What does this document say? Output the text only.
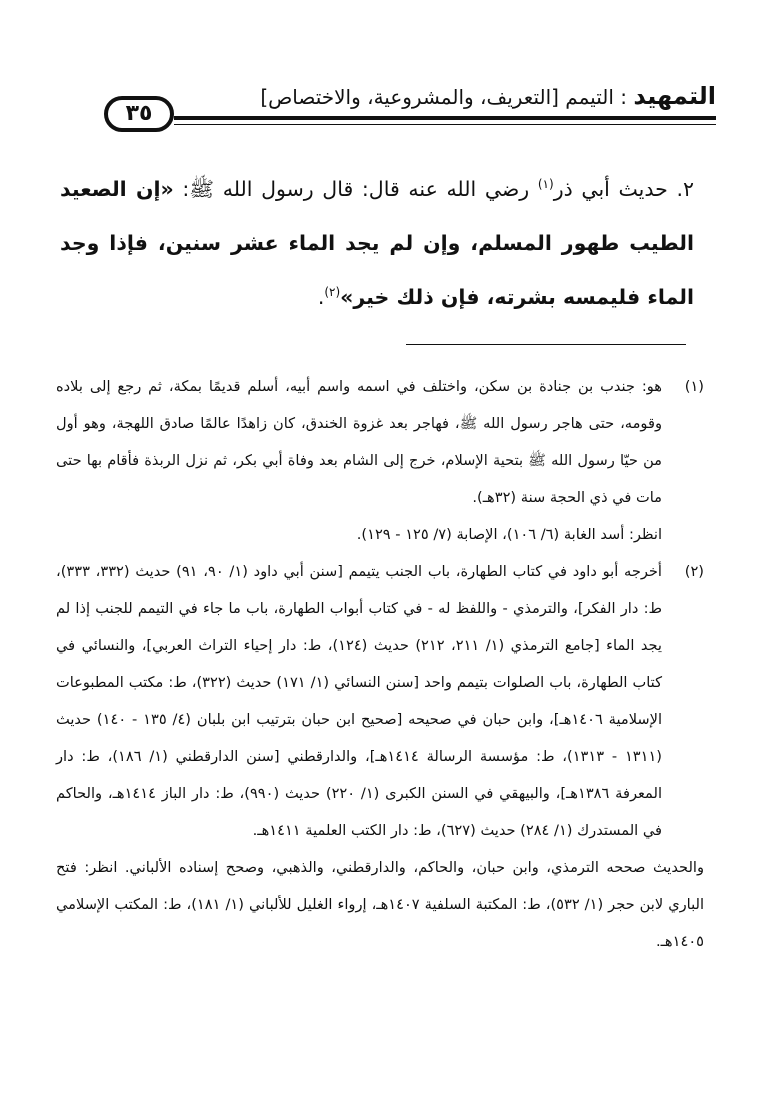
التمهيد : التيمم [التعريف، والمشروعية، والاختصاص]
٣٥
٢. حديث أبي ذر$^{(١)}$ رضي الله عنه قال: قال رسول الله ﷺ: «إن الصعيد الطيب طهور المسلم، وإن لم يجد الماء عشر سنين، فإذا وجد الماء فليمسه بشرته، فإن ذلك خير»$^{(٢)}$.
(١)

هو: جندب بن جنادة بن سكن، واختلف في اسمه واسم أبيه، أسلم قديمًا بمكة، ثم رجع إلى بلاده وقومه، حتى هاجر رسول الله ﷺ، فهاجر بعد غزوة الخندق، كان زاهدًا عالمًا صادق اللهجة، وهو أول من حيّا رسول الله ﷺ بتحية الإسلام، خرج إلى الشام بعد وفاة أبي بكر، ثم نزل الربذة فأقام بها حتى مات في ذي الحجة سنة (٣٢هـ).

انظر: أسد الغابة (٦/ ١٠٦)، الإصابة (٧/ ١٢٥ - ١٢٩).

(٢)

أخرجه أبو داود في كتاب الطهارة، باب الجنب يتيمم [سنن أبي داود (١/ ٩٠، ٩١) حديث (٣٣٢، ٣٣٣)، ط: دار الفكر]، والترمذي - واللفظ له - في كتاب أبواب الطهارة، باب ما جاء في التيمم للجنب إذا لم يجد الماء [جامع الترمذي (١/ ٢١١، ٢١٢) حديث (١٢٤)، ط: دار إحياء التراث العربي]، والنسائي في كتاب الطهارة، باب الصلوات بتيمم واحد [سنن النسائي (١/ ١٧١) حديث (٣٢٢)، ط: مكتب المطبوعات الإسلامية ١٤٠٦هـ]، وابن حبان في صحيحه [صحيح ابن حبان بترتيب ابن بلبان (٤/ ١٣٥ - ١٤٠) حديث (١٣١١ - ١٣١٣)، ط: مؤسسة الرسالة ١٤١٤هـ]، والدارقطني [سنن الدارقطني (١/ ١٨٦)، ط: دار المعرفة ١٣٨٦هـ]، والبيهقي في السنن الكبرى (١/ ٢٢٠) حديث (٩٩٠)، ط: دار الباز ١٤١٤هـ، والحاكم في المستدرك (١/ ٢٨٤) حديث (٦٢٧)، ط: دار الكتب العلمية ١٤١١هـ.

والحديث صححه الترمذي، وابن حبان، والحاكم، والدارقطني، والذهبي، وصحح إسناده الألباني. انظر: فتح الباري لابن حجر (١/ ٥٣٢)، ط: المكتبة السلفية ١٤٠٧هـ، إرواء الغليل للألباني (١/ ١٨١)، ط: المكتب الإسلامي ١٤٠٥هـ.
